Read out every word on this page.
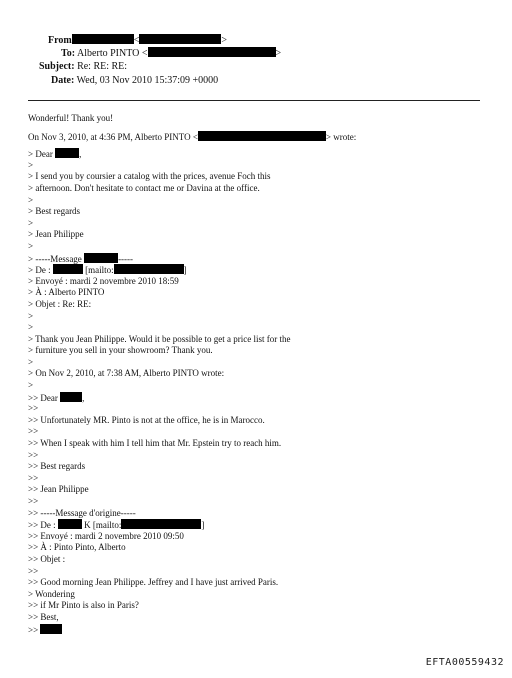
From	<	>
To: Alberto PINTO <	>
Subject: Re: RE: RE:
Date: Wed, 03 Nov 2010 15:37:09 +0000
Wonderful! Thank you!
On Nov 3, 2010, at 4:36 PM, Alberto PINTO <	> wrote:
> Dear	,
>
> I send you by coursier a catalog with the prices, avenue Foch this
> afternoon. Don't hesitate to contact me or Davina at the office.
>
> Best regards
>
> Jean Philippe
>
> -----Message	-----
> De :	[mailto:	]
> Envoyé : mardi 2 novembre 2010 18:59
> À : Alberto PINTO
> Objet : Re: RE:
>
>
> Thank you Jean Philippe. Would it be possible to get a price list for the
> furniture you sell in your showroom? Thank you.
>
> On Nov 2, 2010, at 7:38 AM, Alberto PINTO wrote:
>
>> Dear ,
>>
>> Unfortunately MR. Pinto is not at the office, he is in Marocco.
>>
>> When I speak with him I tell him that Mr. Epstein try to reach him.
>>
>> Best regards
>>
>> Jean Philippe
>>
>> -----Message d'origine-----
>> De :	K [mailto:	]
>> Envoyé : mardi 2 novembre 2010 09:50
>> À : Pinto Pinto, Alberto
>> Objet :
>>
>> Good morning Jean Philippe. Jeffrey and I have just arrived Paris.
> Wondering
>> if Mr Pinto is also in Paris?
>> Best,
>>
EFTA00559432
